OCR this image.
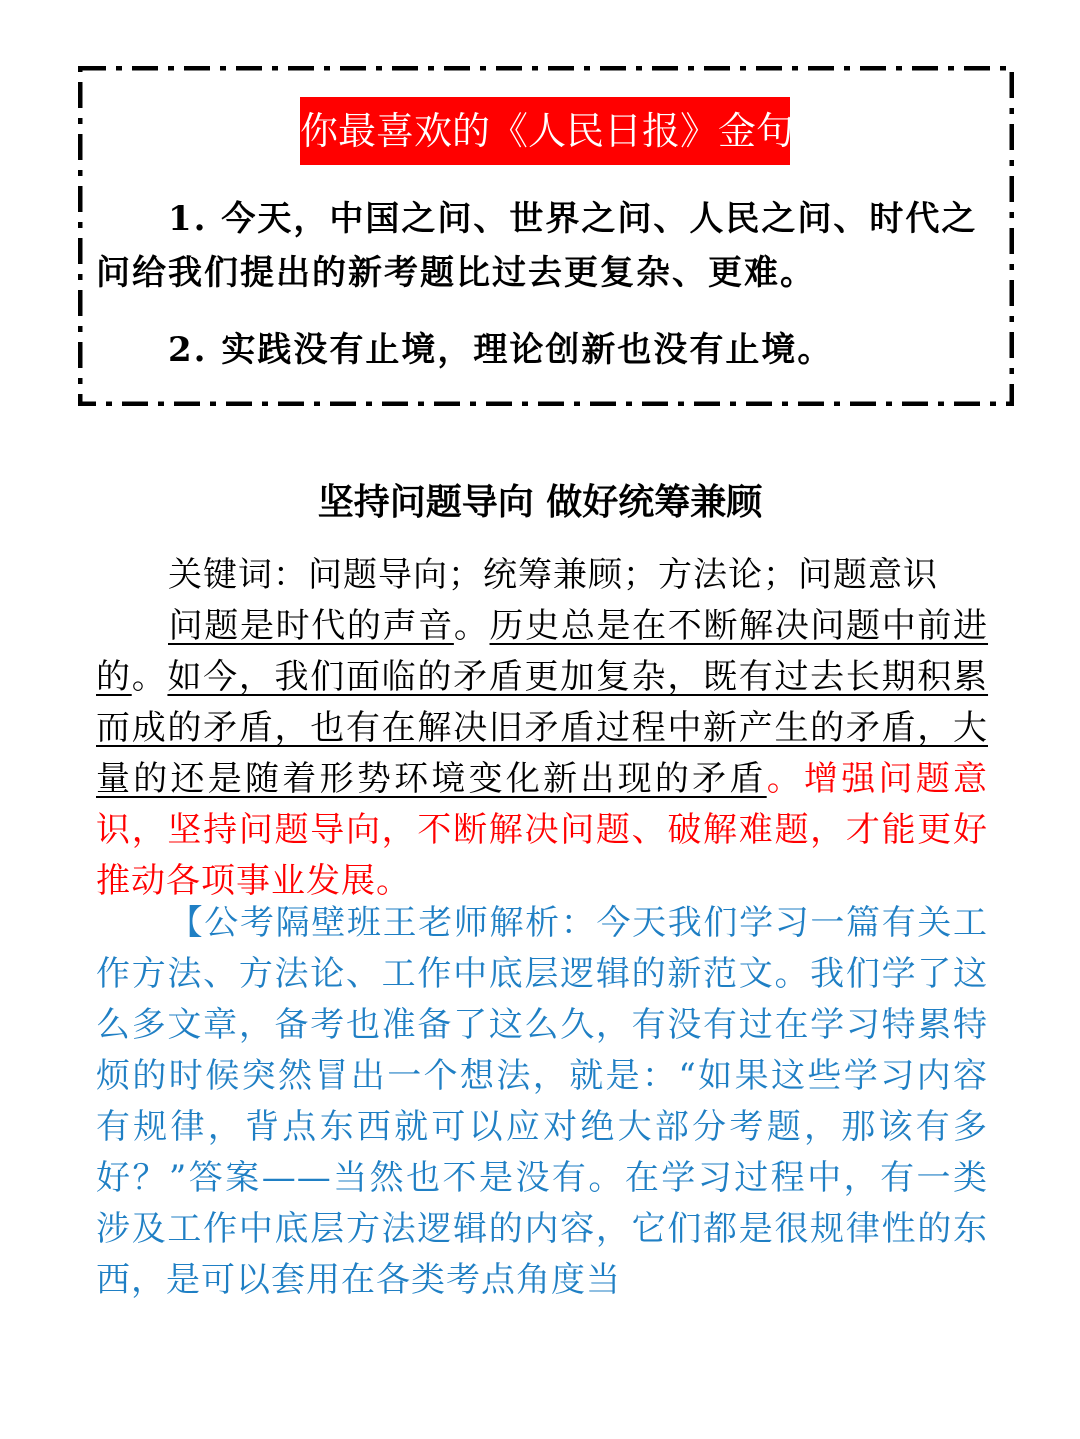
你最喜欢的《人民日报》金句
1. 今天，中国之问、世界之问、人民之问、时代之问给我们提出的新考题比过去更复杂、更难。
2. 实践没有止境，理论创新也没有止境。
坚持问题导向 做好统筹兼顾
关键词：问题导向；统筹兼顾；方法论；问题意识
问题是时代的声音。历史总是在不断解决问题中前进的。如今，我们面临的矛盾更加复杂，既有过去长期积累而成的矛盾，也有在解决旧矛盾过程中新产生的矛盾，大量的还是随着形势环境变化新出现的矛盾。增强问题意识，坚持问题导向，不断解决问题、破解难题，才能更好推动各项事业发展。
【公考隔壁班王老师解析：今天我们学习一篇有关工作方法、方法论、工作中底层逻辑的新范文。我们学了这么多文章，备考也准备了这么久，有没有过在学习特累特烦的时候突然冒出一个想法，就是：“如果这些学习内容有规律，背点东西就可以应对绝大部分考题，那该有多好？”答案——当然也不是没有。在学习过程中，有一类涉及工作中底层方法逻辑的内容，它们都是很规律性的东西，是可以套用在各类考点角度当
